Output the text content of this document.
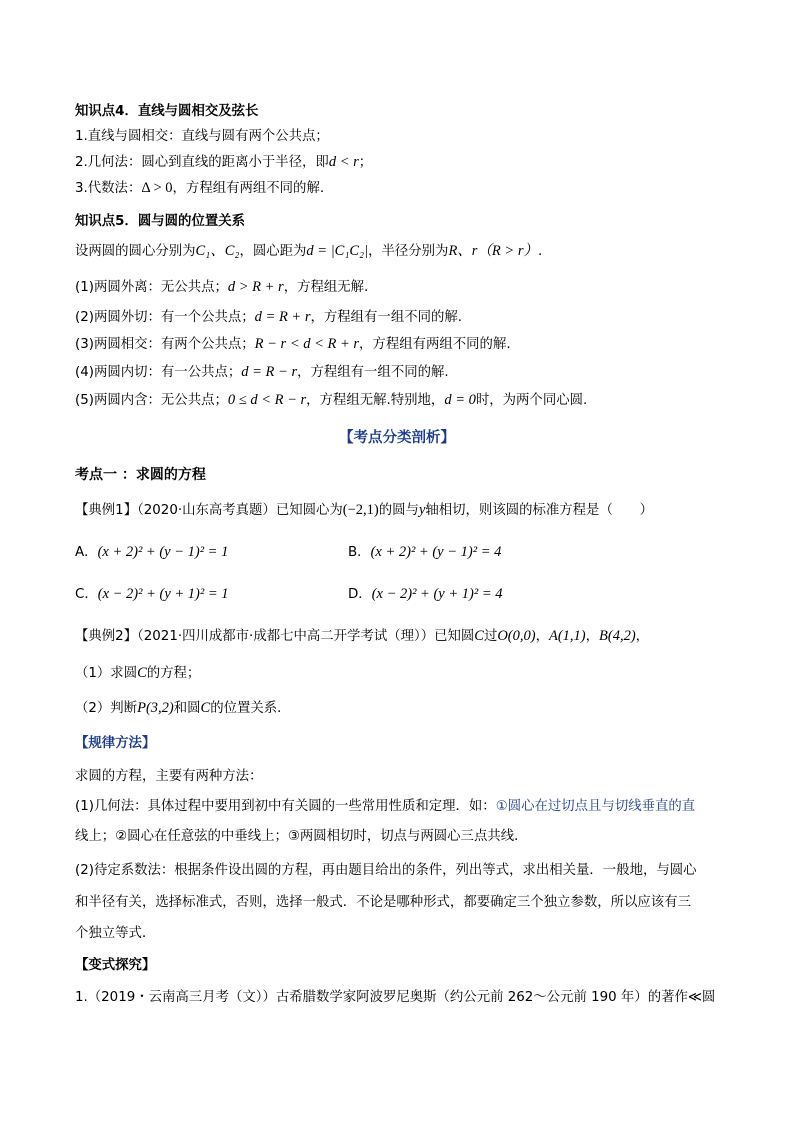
知识点4．直线与圆相交及弦长

1.直线与圆相交：直线与圆有两个公共点；

2.几何法：圆心到直线的距离小于半径，即d < r；

3.代数法：Δ > 0，方程组有两组不同的解.

知识点5．圆与圆的位置关系

设两圆的圆心分别为C₁、C₂，圆心距为d = |C₁C₂|，半径分别为R、r（R > r）.

(1)两圆外离：无公共点；d > R + r，方程组无解.

(2)两圆外切：有一个公共点；d = R + r，方程组有一组不同的解.

(3)两圆相交：有两个公共点；R − r < d < R + r，方程组有两组不同的解.

(4)两圆内切：有一公共点；d = R − r，方程组有一组不同的解.

(5)两圆内含：无公共点；0 ≤ d < R − r，方程组无解.特别地，d = 0时，为两个同心圆.

【考点分类剖析】

考点一 ：求圆的方程

【典例1】（2020·山东高考真题）已知圆心为(−2,1)的圆与y轴相切，则该圆的标准方程是（　　）

A．(x + 2)² + (y − 1)² = 1	B．(x + 2)² + (y − 1)² = 4
C．(x − 2)² + (y + 1)² = 1	D．(x − 2)² + (y + 1)² = 4

【典例2】（2021·四川成都市·成都七中高二开学考试（理））已知圆C过O(0,0)，A(1,1)，B(4,2)，

（1）求圆C的方程；

（2）判断P(3,2)和圆C的位置关系．

【规律方法】

求圆的方程，主要有两种方法：

(1)几何法：具体过程中要用到初中有关圆的一些常用性质和定理．如：①圆心在过切点且与切线垂直的直

线上；②圆心在任意弦的中垂线上；③两圆相切时，切点与两圆心三点共线．

(2)待定系数法：根据条件设出圆的方程，再由题目给出的条件，列出等式，求出相关量．一般地，与圆心

和半径有关，选择标准式，否则，选择一般式．不论是哪种形式，都要确定三个独立参数，所以应该有三

个独立等式．

【变式探究】

1.（2019・云南高三月考（文））古希腊数学家阿波罗尼奥斯（约公元前 262～公元前 190 年）的著作≪圆
